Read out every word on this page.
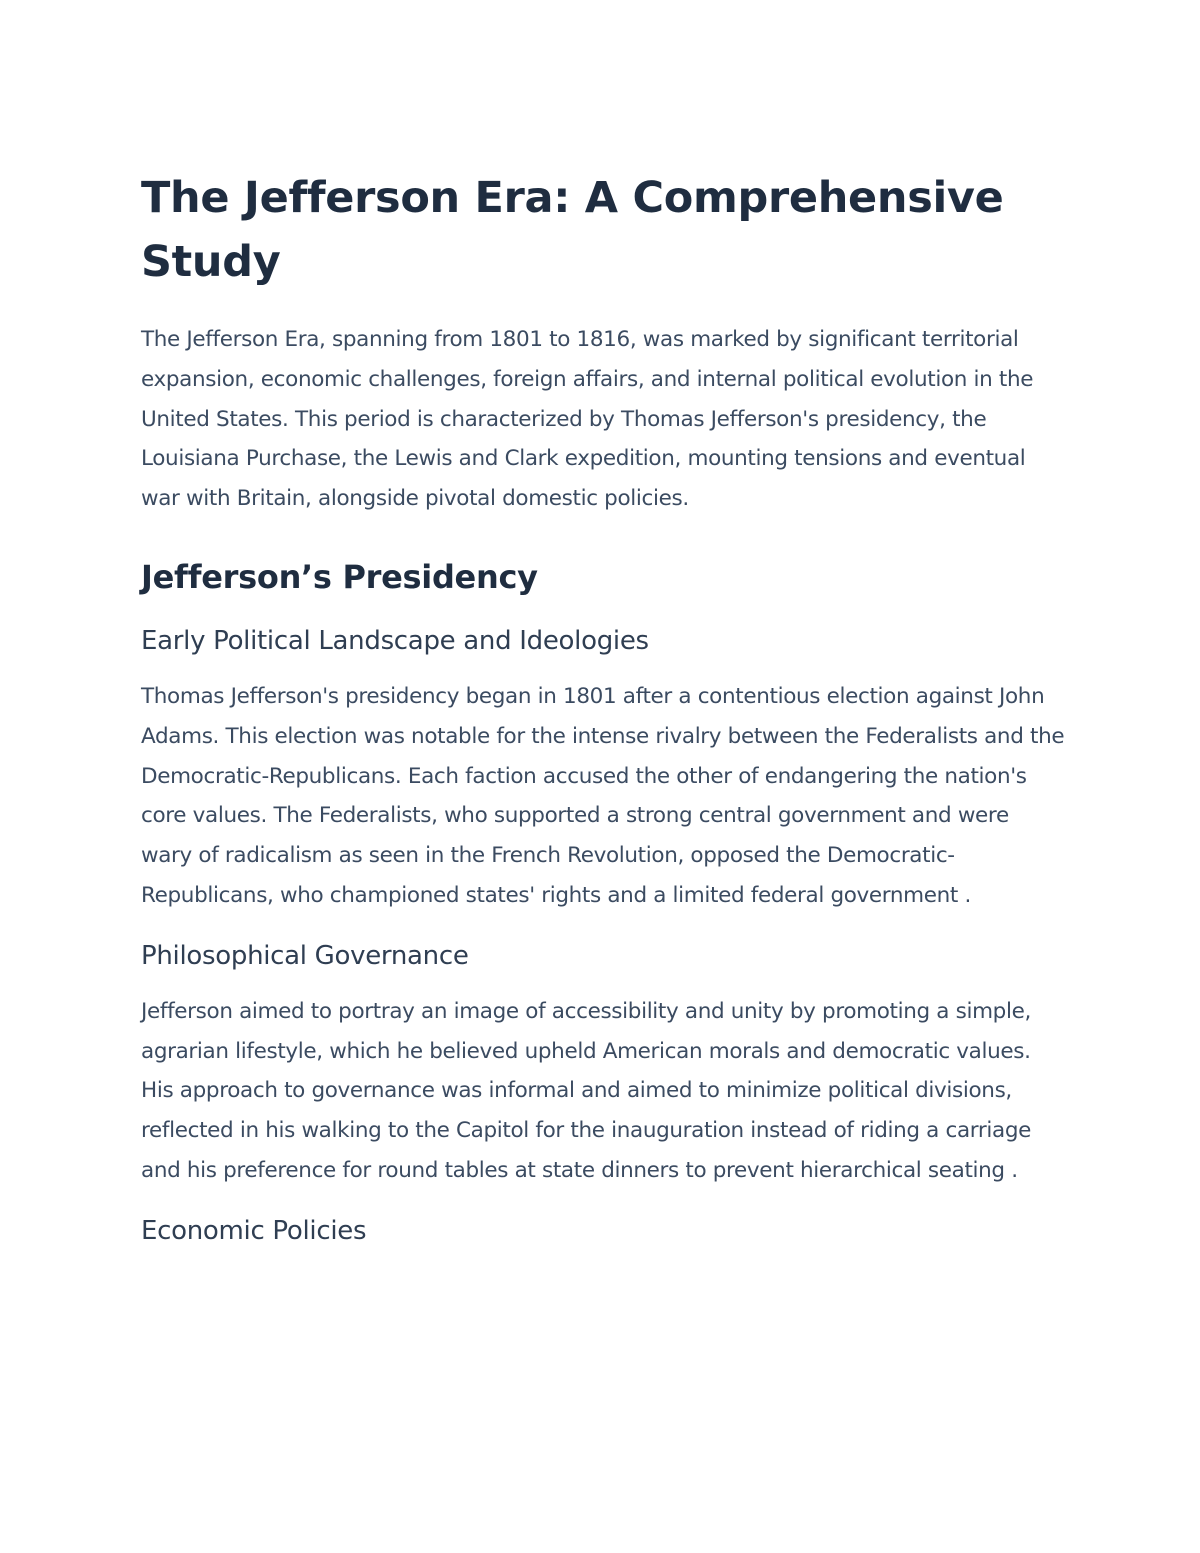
The Jefferson Era: A Comprehensive Study

The Jefferson Era, spanning from 1801 to 1816, was marked by significant territorial expansion, economic challenges, foreign affairs, and internal political evolution in the United States. This period is characterized by Thomas Jefferson's presidency, the Louisiana Purchase, the Lewis and Clark expedition, mounting tensions and eventual war with Britain, alongside pivotal domestic policies.

Jefferson’s Presidency
Early Political Landscape and Ideologies

Thomas Jefferson's presidency began in 1801 after a contentious election against John Adams. This election was notable for the intense rivalry between the Federalists and the Democratic-Republicans. Each faction accused the other of endangering the nation's core values. The Federalists, who supported a strong central government and were wary of radicalism as seen in the French Revolution, opposed the Democratic-Republicans, who championed states' rights and a limited federal government .

Philosophical Governance

Jefferson aimed to portray an image of accessibility and unity by promoting a simple, agrarian lifestyle, which he believed upheld American morals and democratic values. His approach to governance was informal and aimed to minimize political divisions, reflected in his walking to the Capitol for the inauguration instead of riding a carriage and his preference for round tables at state dinners to prevent hierarchical seating .

Economic Policies
